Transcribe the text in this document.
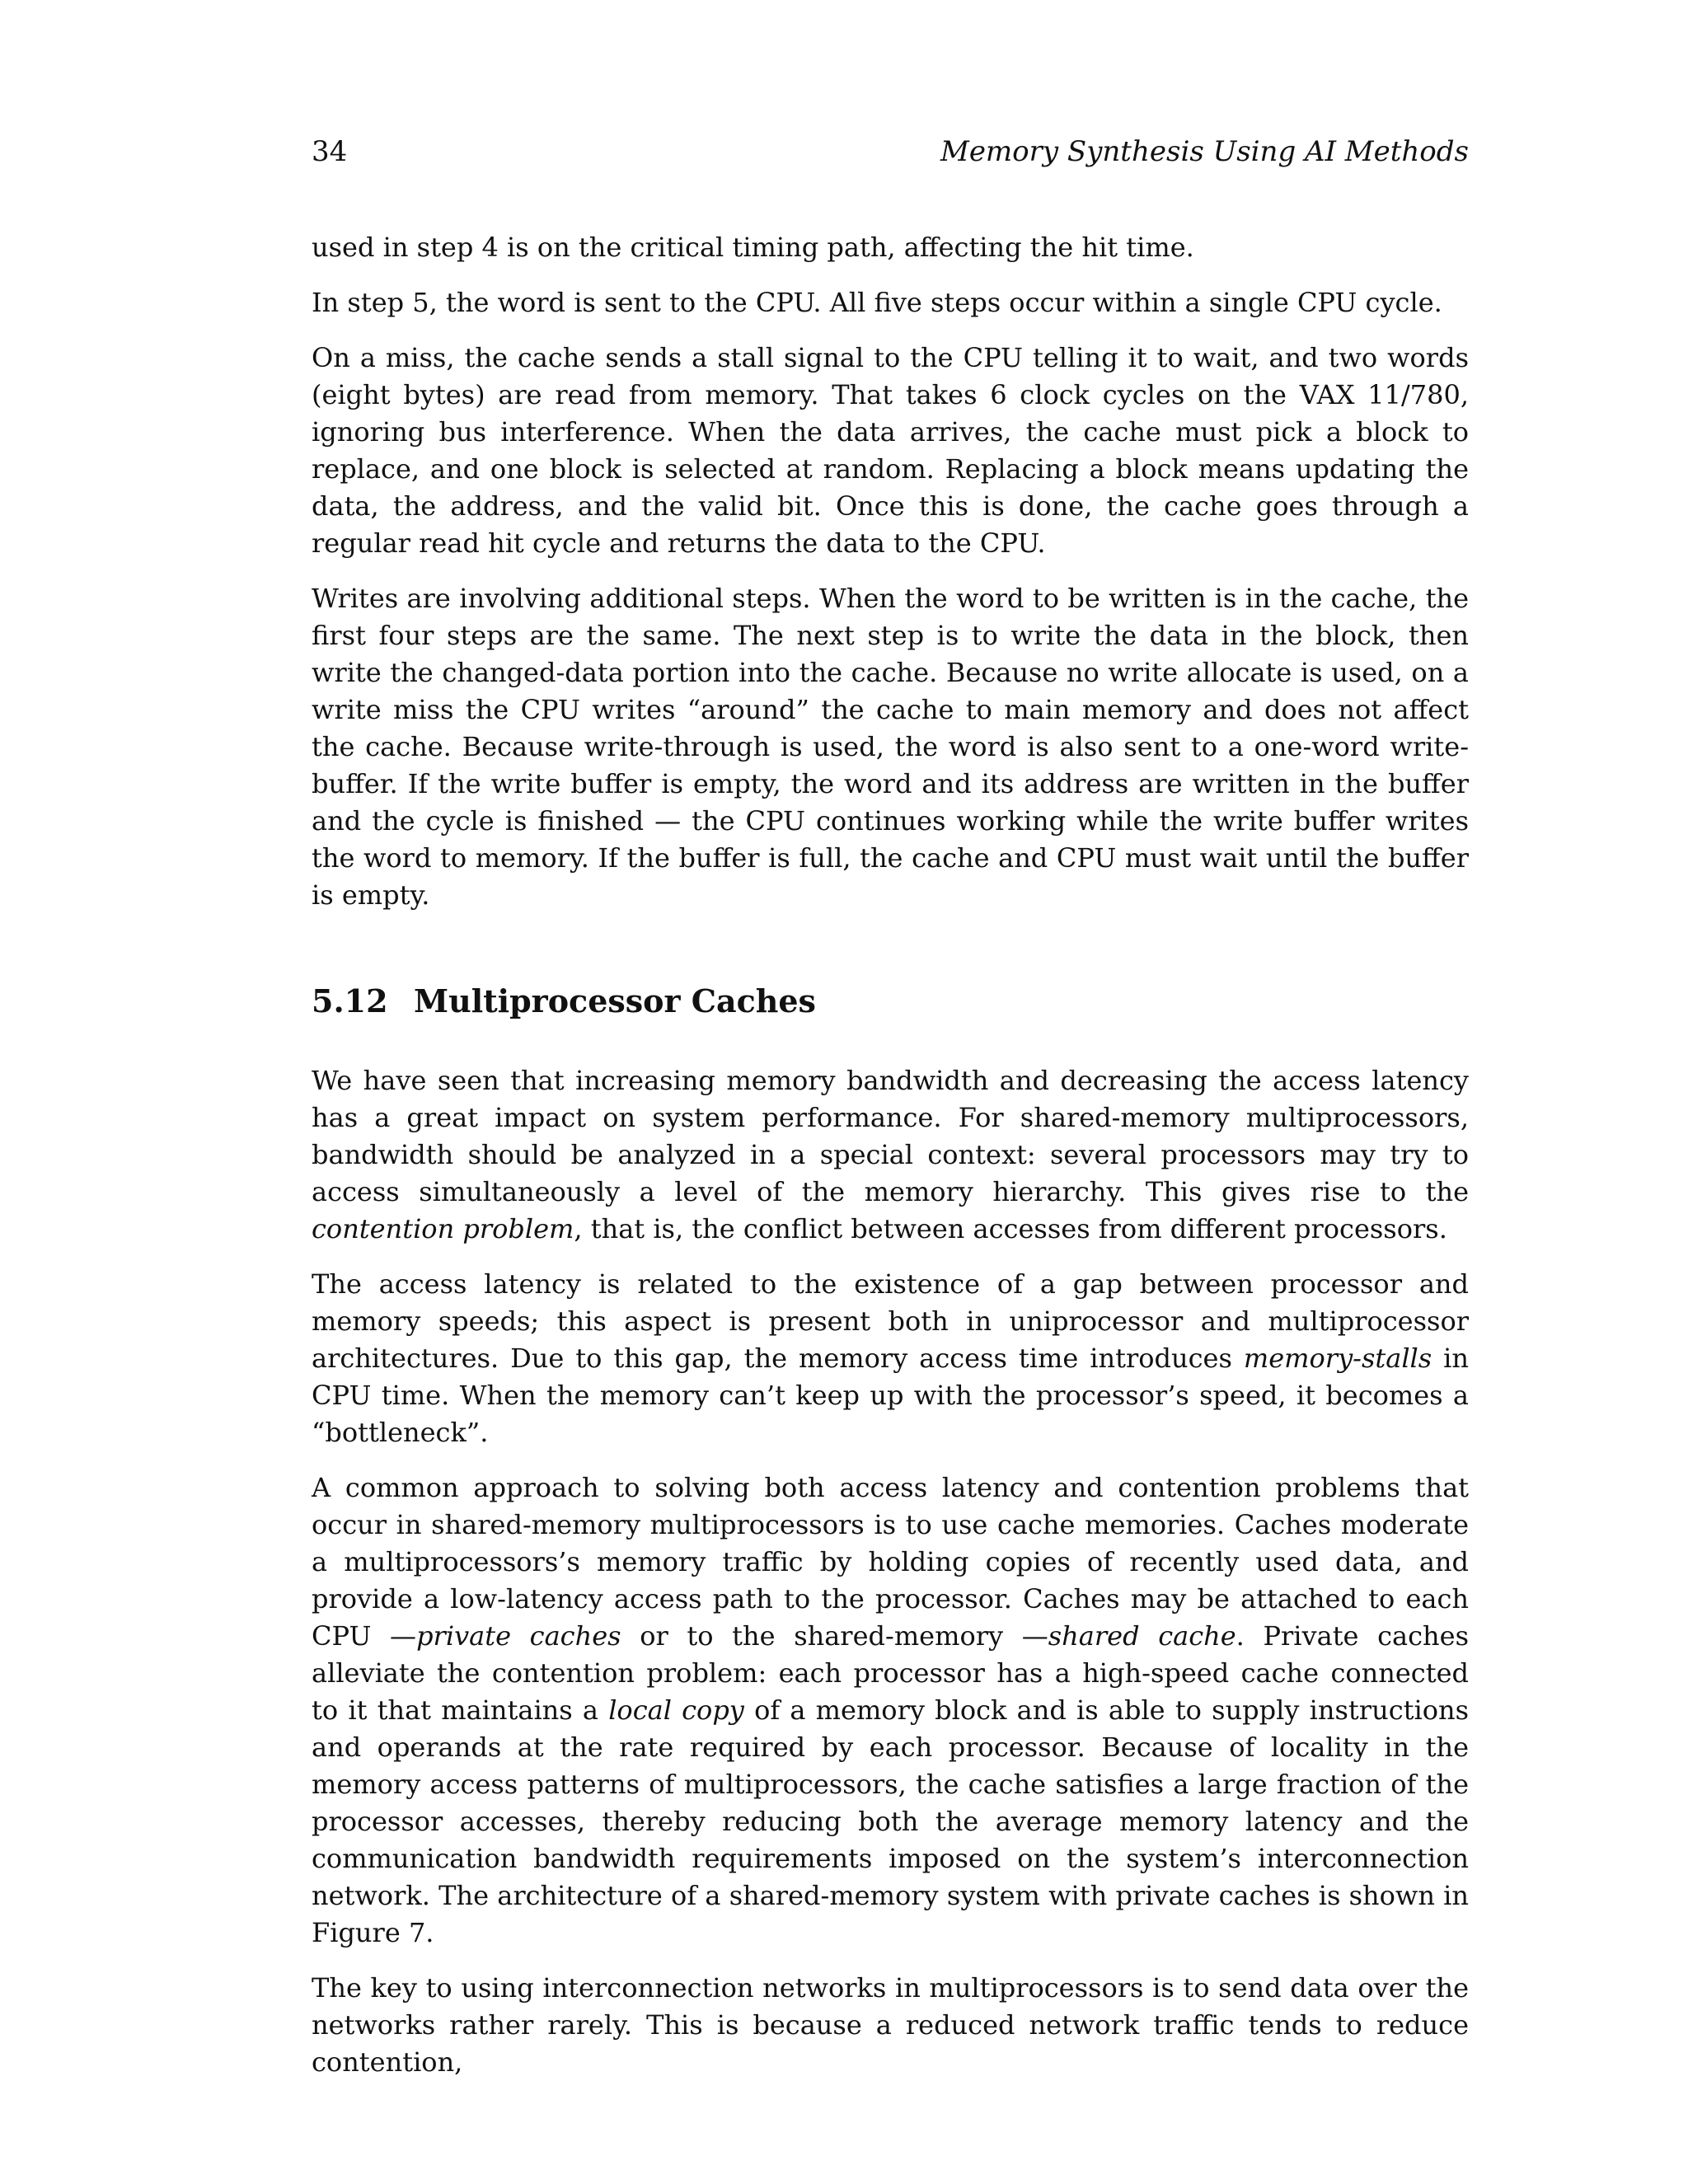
34	Memory Synthesis Using AI Methods

used in step 4 is on the critical timing path, affecting the hit time.

In step 5, the word is sent to the CPU. All five steps occur within a single CPU cycle.

On a miss, the cache sends a stall signal to the CPU telling it to wait, and two words (eight bytes) are read from memory. That takes 6 clock cycles on the VAX 11/780, ignoring bus interference. When the data arrives, the cache must pick a block to replace, and one block is selected at random. Replacing a block means updating the data, the address, and the valid bit. Once this is done, the cache goes through a regular read hit cycle and returns the data to the CPU.

Writes are involving additional steps. When the word to be written is in the cache, the first four steps are the same. The next step is to write the data in the block, then write the changed-data portion into the cache. Because no write allocate is used, on a write miss the CPU writes “around” the cache to main memory and does not affect the cache. Because write-through is used, the word is also sent to a one-word write-buffer. If the write buffer is empty, the word and its address are written in the buffer and the cycle is finished — the CPU continues working while the write buffer writes the word to memory. If the buffer is full, the cache and CPU must wait until the buffer is empty.

5.12 Multiprocessor Caches

We have seen that increasing memory bandwidth and decreasing the access latency has a great impact on system performance. For shared-memory multiprocessors, bandwidth should be analyzed in a special context: several processors may try to access simultaneously a level of the memory hierarchy. This gives rise to the contention problem, that is, the conflict between accesses from different processors.

The access latency is related to the existence of a gap between processor and memory speeds; this aspect is present both in uniprocessor and multiprocessor architectures. Due to this gap, the memory access time introduces memory-stalls in CPU time. When the memory can’t keep up with the processor’s speed, it becomes a “bottleneck”.

A common approach to solving both access latency and contention problems that occur in shared-memory multiprocessors is to use cache memories. Caches moderate a multiprocessors’s memory traffic by holding copies of recently used data, and provide a low-latency access path to the processor. Caches may be attached to each CPU —private caches or to the shared-memory —shared cache. Private caches alleviate the contention problem: each processor has a high-speed cache connected to it that maintains a local copy of a memory block and is able to supply instructions and operands at the rate required by each processor. Because of locality in the memory access patterns of multiprocessors, the cache satisfies a large fraction of the processor accesses, thereby reducing both the average memory latency and the communication bandwidth requirements imposed on the system’s interconnection network. The architecture of a shared-memory system with private caches is shown in Figure 7.

The key to using interconnection networks in multiprocessors is to send data over the networks rather rarely. This is because a reduced network traffic tends to reduce contention,
